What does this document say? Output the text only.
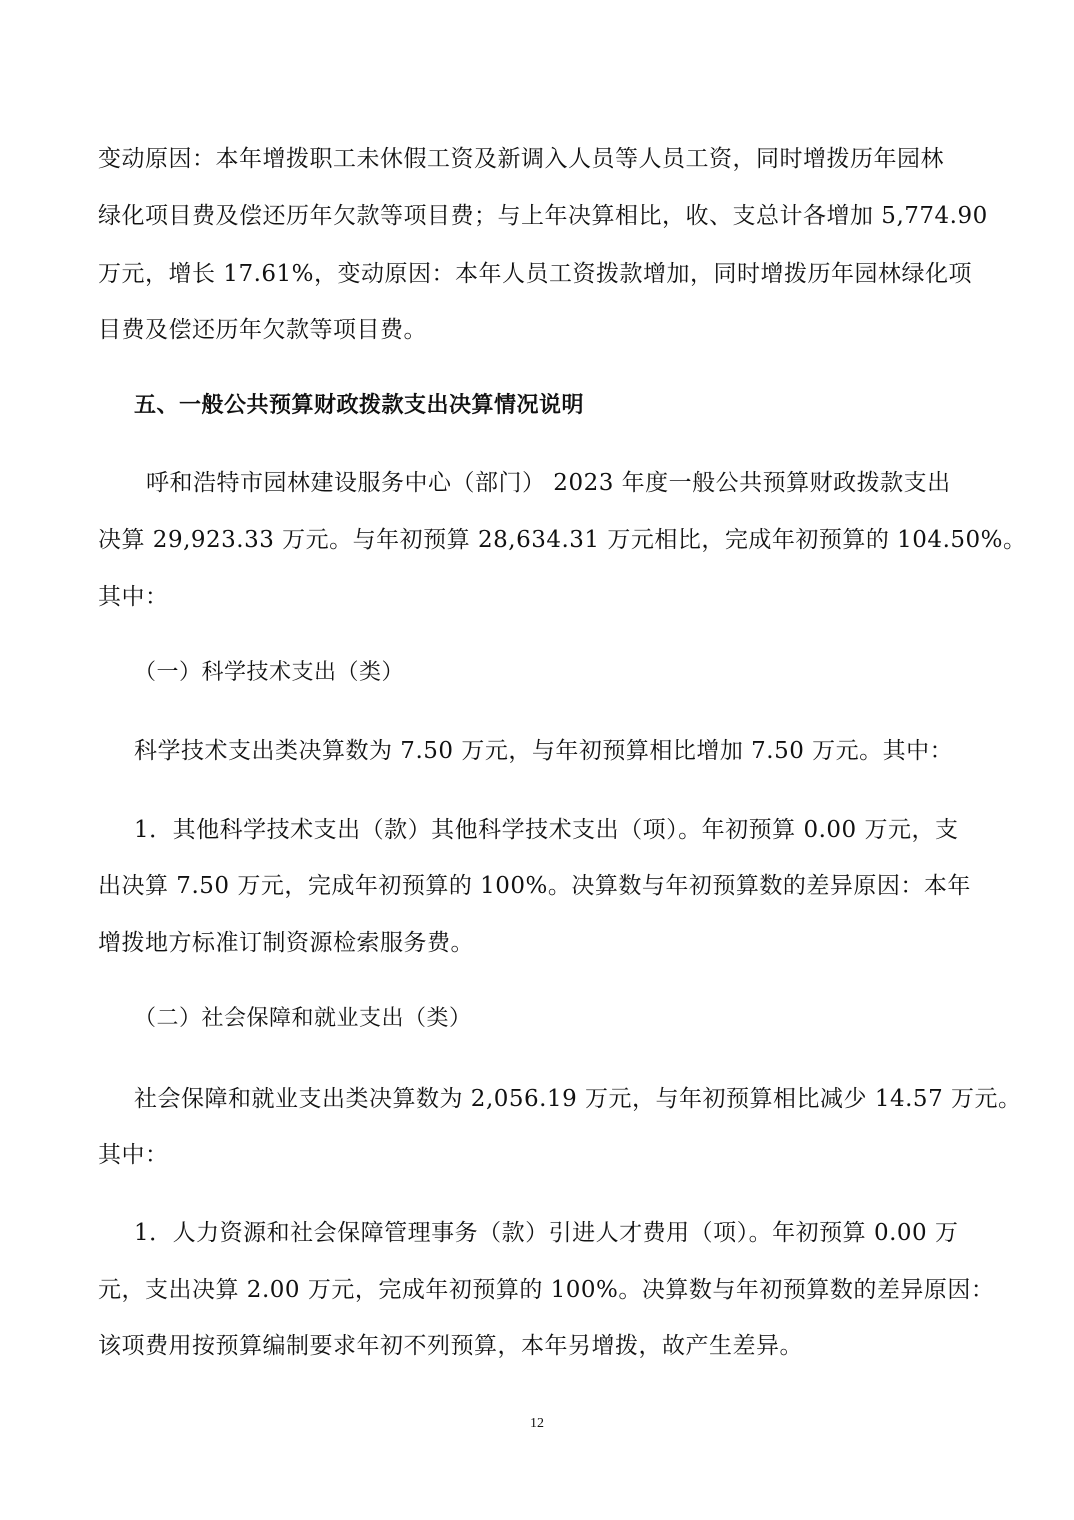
变动原因：本年增拨职工未休假工资及新调入人员等人员工资，同时增拨历年园林
绿化项目费及偿还历年欠款等项目费；与上年决算相比，收、支总计各增加 5,774.90
万元，增长 17.61%，变动原因：本年人员工资拨款增加，同时增拨历年园林绿化项
目费及偿还历年欠款等项目费。
五、一般公共预算财政拨款支出决算情况说明
呼和浩特市园林建设服务中心（部门） 2023 年度一般公共预算财政拨款支出
决算 29,923.33 万元。与年初预算 28,634.31 万元相比，完成年初预算的 104.50%。
其中：
（一）科学技术支出（类）
科学技术支出类决算数为 7.50 万元，与年初预算相比增加 7.50 万元。其中：
1．其他科学技术支出（款）其他科学技术支出（项）。年初预算 0.00 万元，支
出决算 7.50 万元，完成年初预算的 100%。决算数与年初预算数的差异原因：本年
增拨地方标准订制资源检索服务费。
（二）社会保障和就业支出（类）
社会保障和就业支出类决算数为 2,056.19 万元，与年初预算相比减少 14.57 万元。
其中：
1．人力资源和社会保障管理事务（款）引进人才费用（项）。年初预算 0.00 万
元，支出决算 2.00 万元，完成年初预算的 100%。决算数与年初预算数的差异原因：
该项费用按预算编制要求年初不列预算，本年另增拨，故产生差异。
12
